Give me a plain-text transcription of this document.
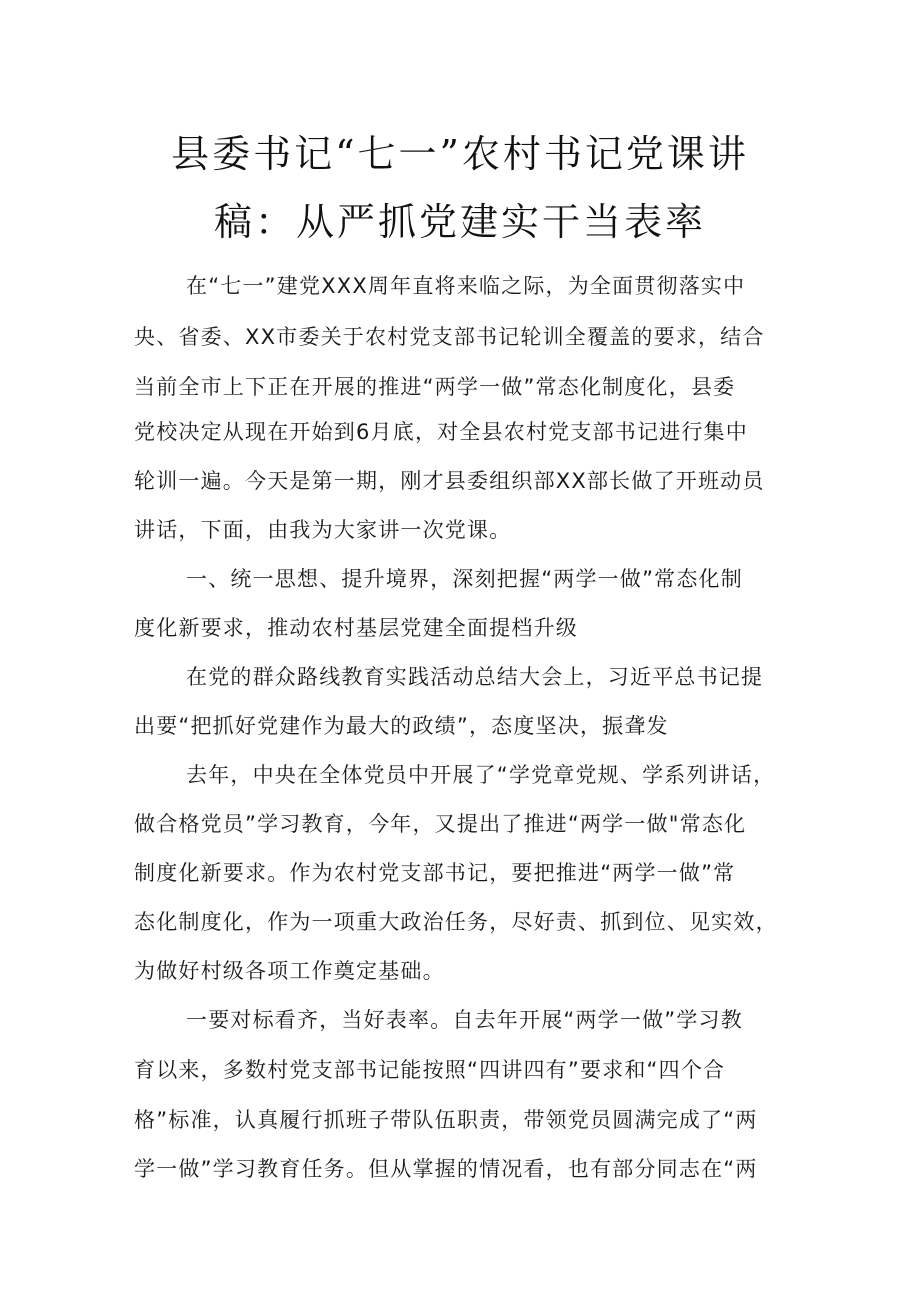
县委书记“七一”农村书记党课讲
稿：从严抓党建实干当表率
在“七一”建党XXX周年直将来临之际，为全面贯彻落实中
央、省委、XX市委关于农村党支部书记轮训全覆盖的要求，结合
当前全市上下正在开展的推进“两学一做”常态化制度化，县委
党校决定从现在开始到6月底，对全县农村党支部书记进行集中
轮训一遍。今天是第一期，刚才县委组织部XX部长做了开班动员
讲话，下面，由我为大家讲一次党课。
一、统一思想、提升境界，深刻把握“两学一做”常态化制
度化新要求，推动农村基层党建全面提档升级
在党的群众路线教育实践活动总结大会上，习近平总书记提
出要“把抓好党建作为最大的政绩”，态度坚决，振聋发
去年，中央在全体党员中开展了“学党章党规、学系列讲话，
做合格党员”学习教育，今年，又提出了推进“两学一做"常态化
制度化新要求。作为农村党支部书记，要把推进“两学一做”常
态化制度化，作为一项重大政治任务，尽好责、抓到位、见实效，
为做好村级各项工作奠定基础。
一要对标看齐，当好表率。自去年开展“两学一做”学习教
育以来，多数村党支部书记能按照“四讲四有”要求和“四个合
格”标准，认真履行抓班子带队伍职责，带领党员圆满完成了“两
学一做”学习教育任务。但从掌握的情况看，也有部分同志在“两
